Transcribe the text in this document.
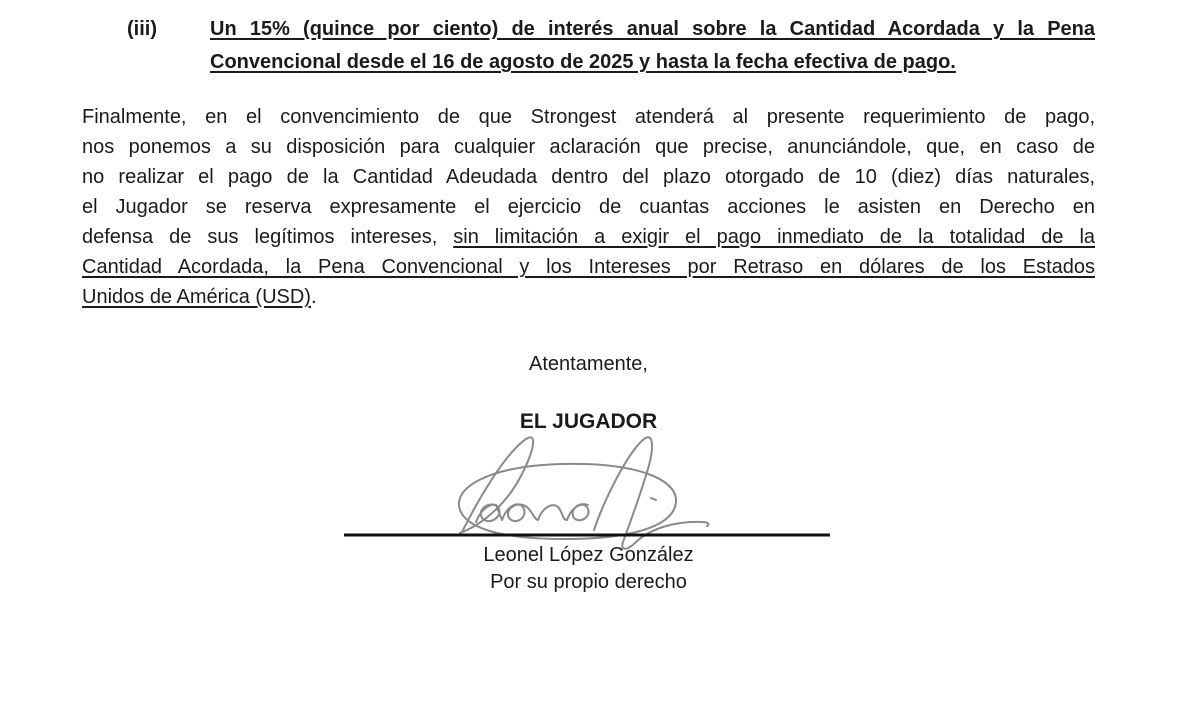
(iii)	Un 15% (quince por ciento) de interés anual sobre la Cantidad Acordada y la Pena
Convencional desde el 16 de agosto de 2025 y hasta la fecha efectiva de pago.
Finalmente, en el convencimiento de que Strongest atenderá al presente requerimiento de pago,
nos ponemos a su disposición para cualquier aclaración que precise, anunciándole, que, en caso de
no realizar el pago de la Cantidad Adeudada dentro del plazo otorgado de 10 (diez) días naturales,
el Jugador se reserva expresamente el ejercicio de cuantas acciones le asisten en Derecho en
defensa de sus legítimos intereses, sin limitación a exigir el pago inmediato de la totalidad de la
Cantidad Acordada, la Pena Convencional y los Intereses por Retraso en dólares de los Estados
Unidos de América (USD).
Atentamente,
EL JUGADOR
Leonel López González
Por su propio derecho
